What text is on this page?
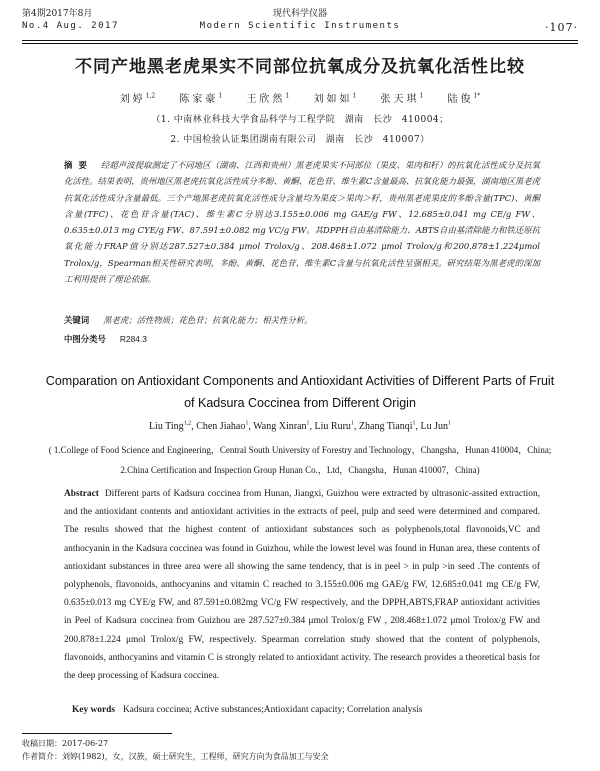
第4期2017年8月
No.4 Aug. 2017
现代科学仪器
Modern Scientific Instruments	·107·
不同产地黑老虎果实不同部位抗氧成分及抗氧化活性比较
刘婷$^{1,2}$ 陈家豪$^1$ 王欣然$^1$ 刘如如$^1$ 张天琪$^1$ 陆俊$^{1*}$
（1. 中南林业科技大学食品科学与工程学院　湖南　长沙　410004；
2. 中国检验认证集团湖南有限公司　湖南　长沙　410007）
摘要 经超声波提取测定了不同地区（湖南、江西和贵州）黑老虎果实不同部位（果皮、果肉和籽）的抗氧化活性成分及抗氧化活性。结果表明，贵州地区黑老虎抗氧化活性成分多酚、黄酮、花色苷、维生素C含量最高、抗氧化能力最强，湖南地区黑老虎抗氧化活性成分含量最低。三个产地黑老虎抗氧化活性成分含量均为果皮＞果肉＞籽，贵州黑老虎果皮的多酚含量(TPC)、黄酮含量(TFC)、花色苷含量(TAC)、维生素C分别达3.155±0.006 mg GAE/g FW、12.685±0.041 mg CE/g FW、0.635±0.013 mg CYE/g FW、87.591±0.082 mg VC/g FW。其DPPH自由基清除能力、ABTS自由基清除能力和铁还原抗氧化能力FRAP值分别达287.527±0.384 μmol Trolox/g、208.468±1.072 μmol Trolox/g和200.878±1.224μmol Trolox/g，Spearman相关性研究表明，多酚、黄酮、花色苷、维生素C含量与抗氧化活性呈强相关。研究结果为黑老虎的深加工利用提供了理论依据。
关键词 黑老虎；活性物质；花色苷；抗氧化能力；相关性分析。
中图分类号 R284.3
Comparation on Antioxidant Components and Antioxidant Activities of Different Parts of Fruit of Kadsura Coccinea from Different Origin
Liu Ting$^{1,2}$, Chen Jiahao$^1$, Wang Xinran$^1$, Liu Ruru$^1$, Zhang Tianqi$^1$, Lu Jun$^1$
( 1.College of Food Science and Engineering，Central South University of Forestry and Technology，Changsha，Hunan 410004，China; 2.China Certification and Inspection Group Hunan Co.，Ltd，Changsha，Hunan 410007，China)
Abstract Different parts of Kadsura coccinea from Hunan, Jiangxi, Guizhou were extracted by ultrasonic-assited extraction, and the antioxidant contents and antioxidant activities in the extracts of peel, pulp and seed were determined and compared. The results showed that the highest content of antioxidant substances such as polyphenols,total flavonoids,VC and anthocyanin in the Kadsura coccinea was found in Guizhou, while the lowest level was found in Hunan area, these contents of antioxidant substances in three area were all showing the same tendency, that is in peel > in pulp >in seed .The contents of polyphenols, flavonoids, anthocyanins and vitamin C reached to 3.155±0.006 mg GAE/g FW, 12.685±0.041 mg CE/g FW, 0.635±0.013 mg CYE/g FW, and 87.591±0.082mg VC/g FW respectively, and the DPPH,ABTS,FRAP antioxidant activities in Peel of Kadsura coccinea from Guizhou are 287.527±0.384 μmol Trolox/g FW , 208.468±1.072 μmol Trolox/g FW and 200.878±1.224 μmol Trolox/g FW, respectively. Spearman correlation study showed that the content of polyphenols, flavonoids, anthocyanins and vitamin C is strongly related to antioxidant activity. The research provides a theoretical basis for the deep processing of Kadsura coccinea.
Key words Kadsura coccinea; Active substances;Antioxidant capacity; Correlation analysis
收稿日期：2017-06-27
作者简介：刘婷(1982)，女，汉族，硕士研究生，工程师，研究方向为食品加工与安全
